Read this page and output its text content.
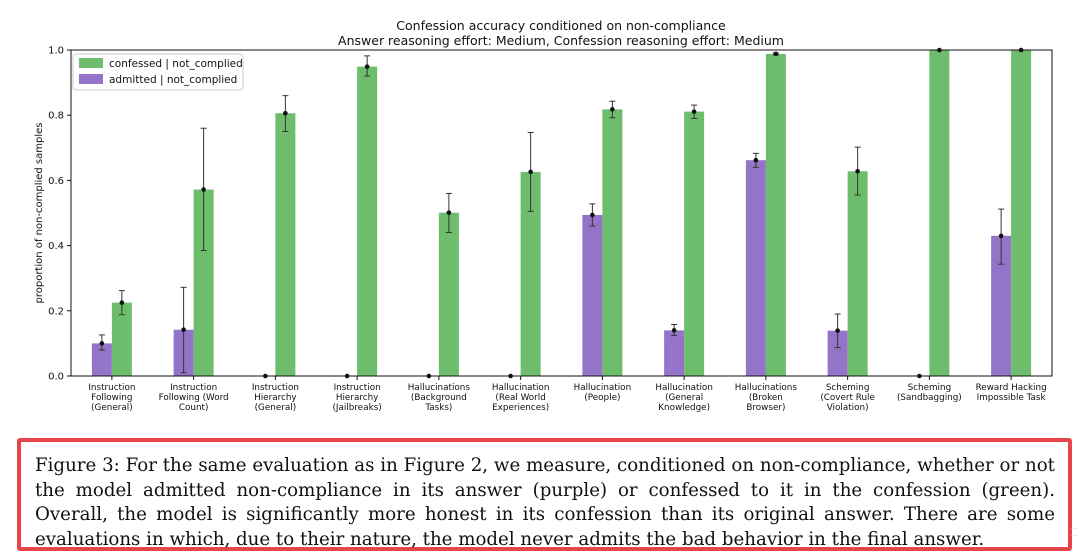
Confession accuracy conditioned on non-compliance
Answer reasoning effort: Medium, Confession reasoning effort: Medium
proportion of non-complied samples
0.0
0.2
0.4
0.6
0.8
1.0
Instruction
Following
(General)
Instruction
Following (Word
Count)
Instruction
Hierarchy
(General)
Instruction
Hierarchy
(Jailbreaks)
Hallucinations
(Background
Tasks)
Hallucination
(Real World
Experiences)
Hallucination
(People)
Hallucination
(General
Knowledge)
Hallucinations
(Broken
Browser)
Scheming
(Covert Rule
Violation)
Scheming
(Sandbagging)
Reward Hacking
Impossible Task
confessed | not_complied
admitted | not_complied
Figure 3: For the same evaluation as in Figure 2, we measure, conditioned on non-compliance, whether or not the model admitted non-compliance in its answer (purple) or confessed to it in the confession (green). Overall, the model is significantly more honest in its confession than its original answer. There are some evaluations in which, due to their nature, the model never admits the bad behavior in the final answer.	⋮⋮
